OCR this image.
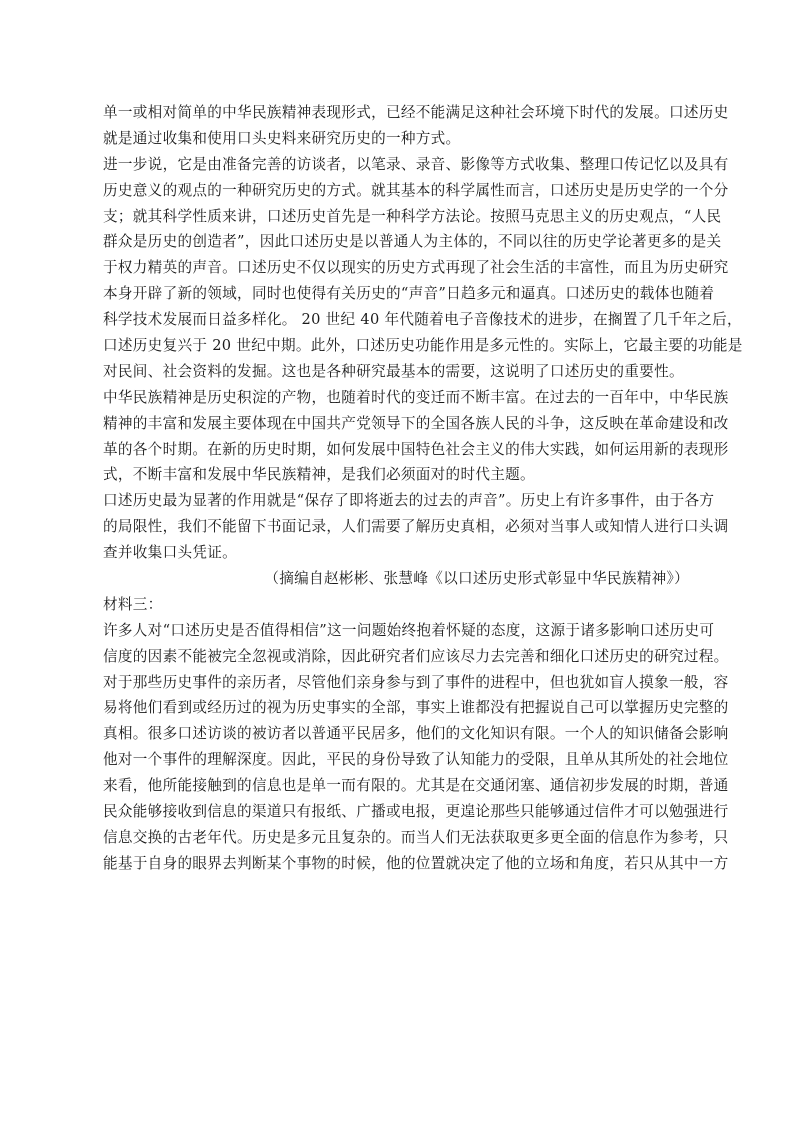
单一或相对简单的中华民族精神表现形式，已经不能满足这种社会环境下时代的发展。口述历史
就是通过收集和使用口头史料来研究历史的一种方式。
进一步说，它是由准备完善的访谈者，以笔录、录音、影像等方式收集、整理口传记忆以及具有
历史意义的观点的一种研究历史的方式。就其基本的科学属性而言，口述历史是历史学的一个分
支；就其科学性质来讲，口述历史首先是一种科学方法论。按照马克思主义的历史观点，“人民
群众是历史的创造者”，因此口述历史是以普通人为主体的，不同以往的历史学论著更多的是关
于权力精英的声音。口述历史不仅以现实的历史方式再现了社会生活的丰富性，而且为历史研究
本身开辟了新的领域，同时也使得有关历史的“声音”日趋多元和逼真。口述历史的载体也随着
科学技术发展而日益多样化。 20 世纪 40 年代随着电子音像技术的进步，在搁置了几千年之后，
口述历史复兴于 20 世纪中期。此外，口述历史功能作用是多元性的。实际上，它最主要的功能是
对民间、社会资料的发掘。这也是各种研究最基本的需要，这说明了口述历史的重要性。
中华民族精神是历史积淀的产物，也随着时代的变迁而不断丰富。在过去的一百年中，中华民族
精神的丰富和发展主要体现在中国共产党领导下的全国各族人民的斗争，这反映在革命建设和改
革的各个时期。在新的历史时期，如何发展中国特色社会主义的伟大实践，如何运用新的表现形
式，不断丰富和发展中华民族精神，是我们必须面对的时代主题。
口述历史最为显著的作用就是“保存了即将逝去的过去的声音”。历史上有许多事件，由于各方
的局限性，我们不能留下书面记录，人们需要了解历史真相，必须对当事人或知情人进行口头调
查并收集口头凭证。
（摘编自赵彬彬、张慧峰《以口述历史形式彰显中华民族精神》）
材料三：
许多人对“口述历史是否值得相信”这一问题始终抱着怀疑的态度，这源于诸多影响口述历史可
信度的因素不能被完全忽视或消除，因此研究者们应该尽力去完善和细化口述历史的研究过程。
对于那些历史事件的亲历者，尽管他们亲身参与到了事件的进程中，但也犹如盲人摸象一般，容
易将他们看到或经历过的视为历史事实的全部，事实上谁都没有把握说自己可以掌握历史完整的
真相。很多口述访谈的被访者以普通平民居多，他们的文化知识有限。一个人的知识储备会影响
他对一个事件的理解深度。因此，平民的身份导致了认知能力的受限，且单从其所处的社会地位
来看，他所能接触到的信息也是单一而有限的。尤其是在交通闭塞、通信初步发展的时期，普通
民众能够接收到信息的渠道只有报纸、广播或电报，更遑论那些只能够通过信件才可以勉强进行
信息交换的古老年代。历史是多元且复杂的。而当人们无法获取更多更全面的信息作为参考，只
能基于自身的眼界去判断某个事物的时候，他的位置就决定了他的立场和角度，若只从其中一方
